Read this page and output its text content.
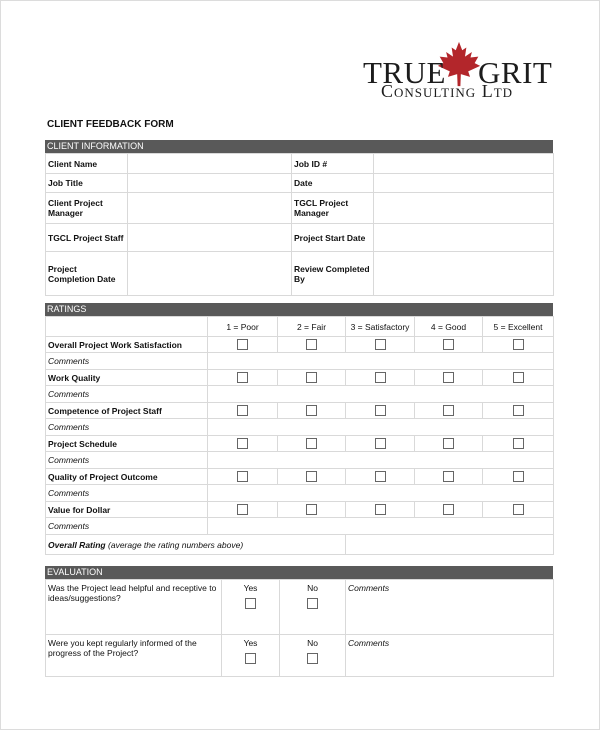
TRUE GRIT
Consulting Ltd
CLIENT FEEDBACK FORM
CLIENT INFORMATION
Client Name		Job ID #	
Job Title		Date	
Client Project Manager		TGCL Project Manager	
TGCL Project Staff		Project Start Date	
Project Completion Date		Review Completed By	
RATINGS
	1 = Poor	2 = Fair	3 = Satisfactory	4 = Good	5 = Excellent
Overall Project Work Satisfaction					
Comments					
Work Quality					
Comments					
Competence of Project Staff					
Comments					
Project Schedule					
Comments					
Quality of Project Outcome					
Comments					
Value for Dollar					
Comments					
Overall Rating (average the rating numbers above)					
EVALUATION
Was the Project lead helpful and receptive to ideas/suggestions?	Yes	No	Comments
Were you kept regularly informed of the progress of the Project?	Yes	No	Comments
